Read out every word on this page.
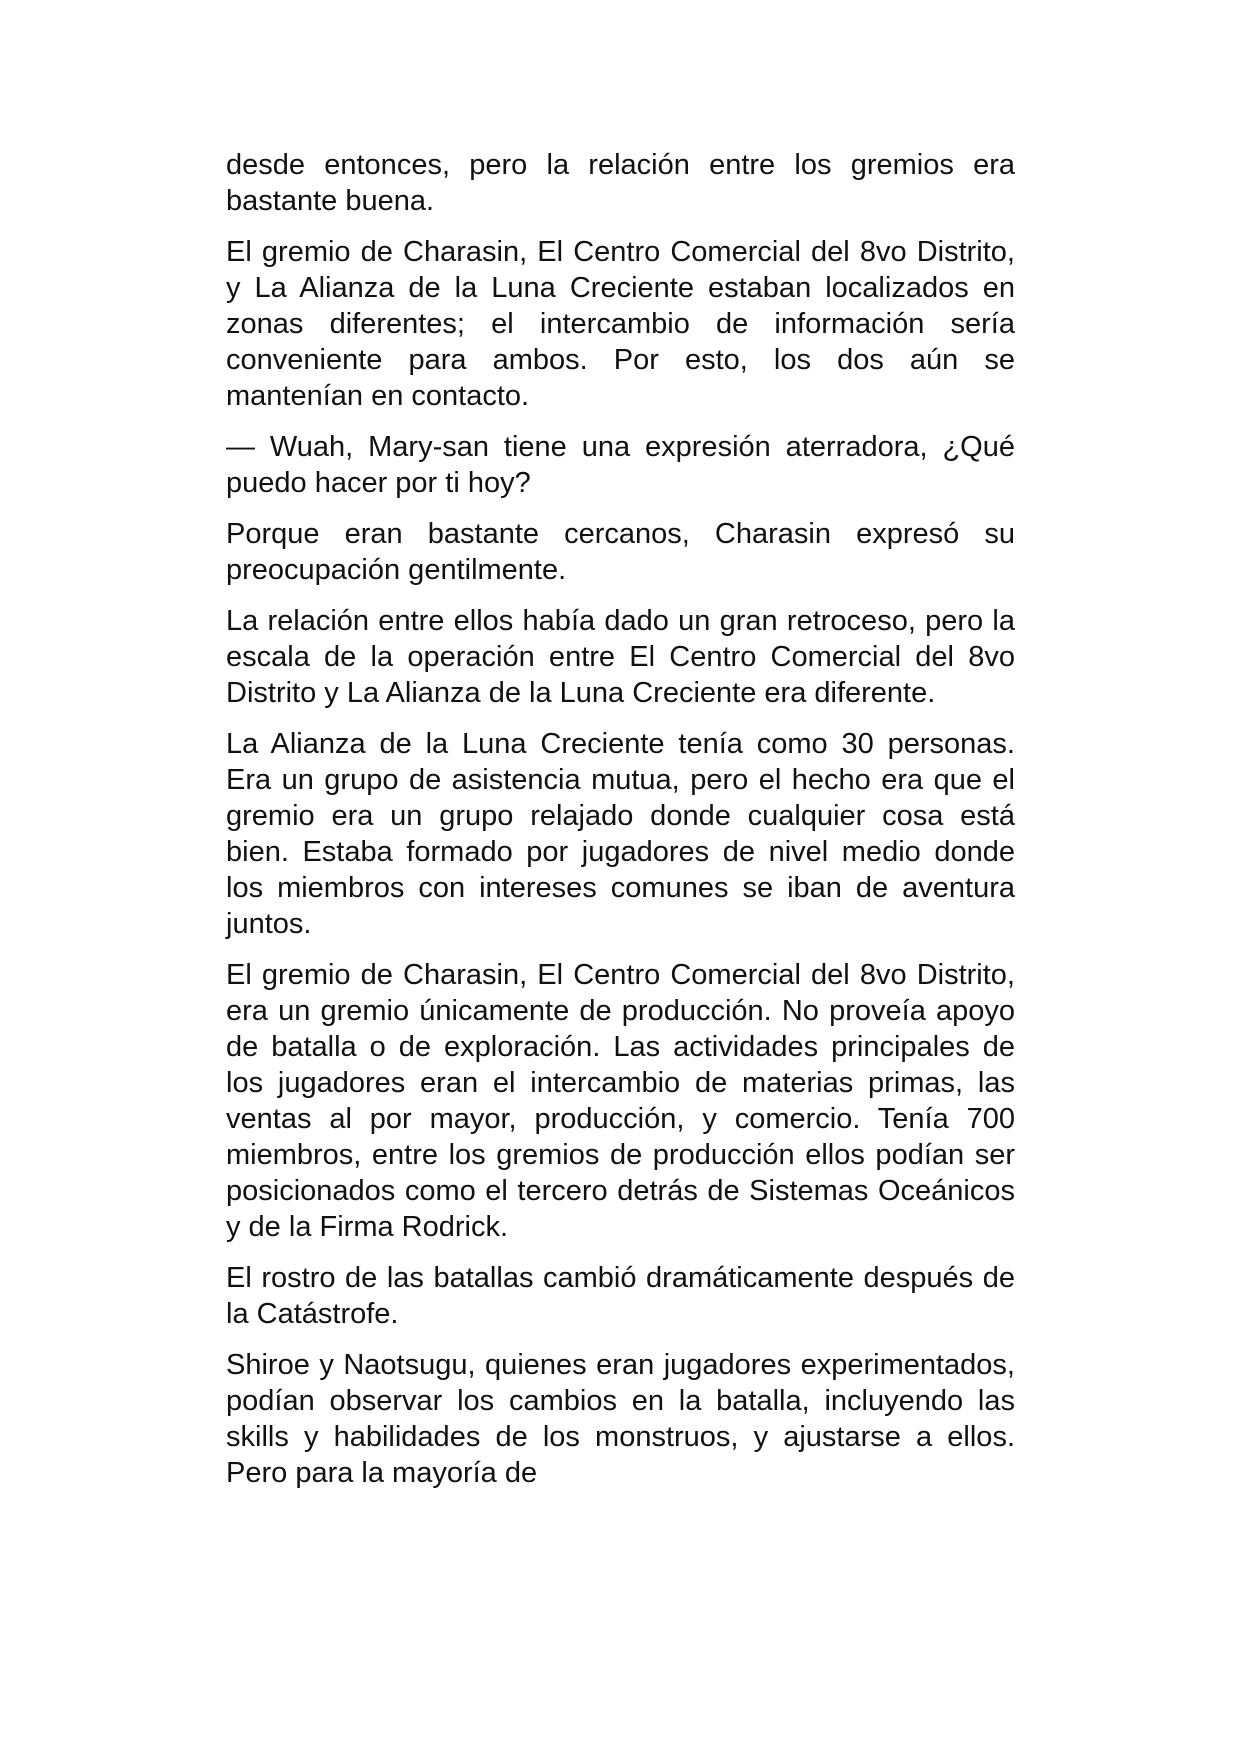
desde entonces, pero la relación entre los gremios era bastante buena.

El gremio de Charasin, El Centro Comercial del 8vo Distrito, y La Alianza de la Luna Creciente estaban localizados en zonas diferentes; el intercambio de información sería conveniente para ambos. Por esto, los dos aún se mantenían en contacto.

— Wuah, Mary-san tiene una expresión aterradora, ¿Qué puedo hacer por ti hoy?

Porque eran bastante cercanos, Charasin expresó su preocupación gentilmente.

La relación entre ellos había dado un gran retroceso, pero la escala de la operación entre El Centro Comercial del 8vo Distrito y La Alianza de la Luna Creciente era diferente.

La Alianza de la Luna Creciente tenía como 30 personas. Era un grupo de asistencia mutua, pero el hecho era que el gremio era un grupo relajado donde cualquier cosa está bien. Estaba formado por jugadores de nivel medio donde los miembros con intereses comunes se iban de aventura juntos.

El gremio de Charasin, El Centro Comercial del 8vo Distrito, era un gremio únicamente de producción. No proveía apoyo de batalla o de exploración. Las actividades principales de los jugadores eran el intercambio de materias primas, las ventas al por mayor, producción, y comercio. Tenía 700 miembros, entre los gremios de producción ellos podían ser posicionados como el tercero detrás de Sistemas Oceánicos y de la Firma Rodrick.

El rostro de las batallas cambió dramáticamente después de la Catástrofe.

Shiroe y Naotsugu, quienes eran jugadores experimentados, podían observar los cambios en la batalla, incluyendo las skills y habilidades de los monstruos, y ajustarse a ellos. Pero para la mayoría de
